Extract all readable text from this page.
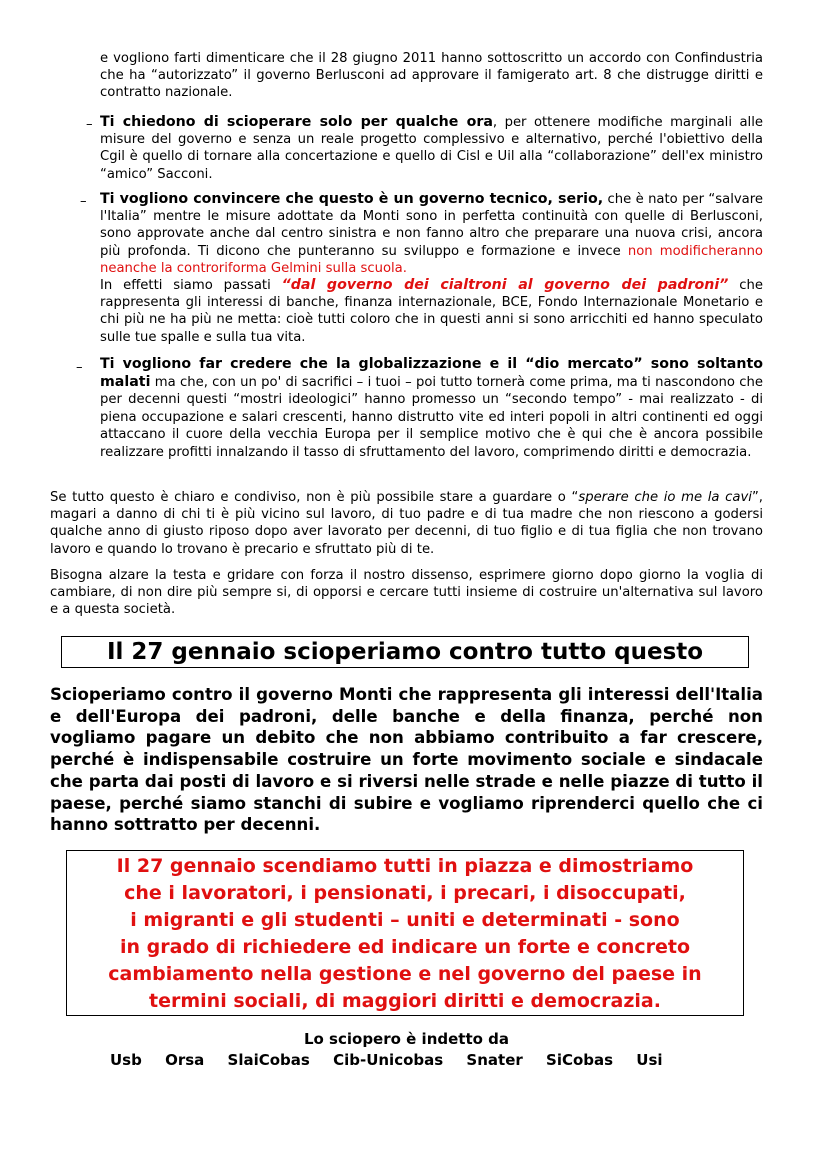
e vogliono farti dimenticare che il 28 giugno 2011 hanno sottoscritto un accordo con Confindustria che ha “autorizzato” il governo Berlusconi ad approvare il famigerato art. 8 che distrugge diritti e contratto nazionale.

– Ti chiedono di scioperare solo per qualche ora, per ottenere modifiche marginali alle misure del governo e senza un reale progetto complessivo e alternativo, perché l'obiettivo della Cgil è quello di tornare alla concertazione e quello di Cisl e Uil alla “collaborazione” dell'ex ministro “amico” Sacconi.

– Ti vogliono convincere che questo è un governo tecnico, serio, che è nato per “salvare l'Italia” mentre le misure adottate da Monti sono in perfetta continuità con quelle di Berlusconi, sono approvate anche dal centro sinistra e non fanno altro che preparare una nuova crisi, ancora più profonda. Ti dicono che punteranno su sviluppo e formazione e invece non modificheranno neanche la controriforma Gelmini sulla scuola.
In effetti siamo passati “dal governo dei cialtroni al governo dei padroni” che rappresenta gli interessi di banche, finanza internazionale, BCE, Fondo Internazionale Monetario e chi più ne ha più ne metta: cioè tutti coloro che in questi anni si sono arricchiti ed hanno speculato sulle tue spalle e sulla tua vita.

– Ti vogliono far credere che la globalizzazione e il “dio mercato” sono soltanto malati ma che, con un po' di sacrifici – i tuoi – poi tutto tornerà come prima, ma ti nascondono che per decenni questi “mostri ideologici” hanno promesso un “secondo tempo” - mai realizzato - di piena occupazione e salari crescenti, hanno distrutto vite ed interi popoli in altri continenti ed oggi attaccano il cuore della vecchia Europa per il semplice motivo che è qui che è ancora possibile realizzare profitti innalzando il tasso di sfruttamento del lavoro, comprimendo diritti e democrazia.

Se tutto questo è chiaro e condiviso, non è più possibile stare a guardare o “sperare che io me la cavi”, magari a danno di chi ti è più vicino sul lavoro, di tuo padre e di tua madre che non riescono a godersi qualche anno di giusto riposo dopo aver lavorato per decenni, di tuo figlio e di tua figlia che non trovano lavoro e quando lo trovano è precario e sfruttato più di te.

Bisogna alzare la testa e gridare con forza il nostro dissenso, esprimere giorno dopo giorno la voglia di cambiare, di non dire più sempre si, di opporsi e cercare tutti insieme di costruire un'alternativa sul lavoro e a questa società.

Il 27 gennaio scioperiamo contro tutto questo

Scioperiamo contro il governo Monti che rappresenta gli interessi dell'Italia e dell'Europa dei padroni, delle banche e della finanza, perché non vogliamo pagare un debito che non abbiamo contribuito a far crescere, perché è indispensabile costruire un forte movimento sociale e sindacale che parta dai posti di lavoro e si riversi nelle strade e nelle piazze di tutto il paese, perché siamo stanchi di subire e vogliamo riprenderci quello che ci hanno sottratto per decenni.

Il 27 gennaio scendiamo tutti in piazza e dimostriamo
che i lavoratori, i pensionati, i precari, i disoccupati,
i migranti e gli studenti – uniti e determinati - sono
in grado di richiedere ed indicare un forte e concreto
cambiamento nella gestione e nel governo del paese in
termini sociali, di maggiori diritti e democrazia.
Lo sciopero è indetto da
Usb Orsa SlaiCobas Cib-Unicobas Snater SiCobas Usi
